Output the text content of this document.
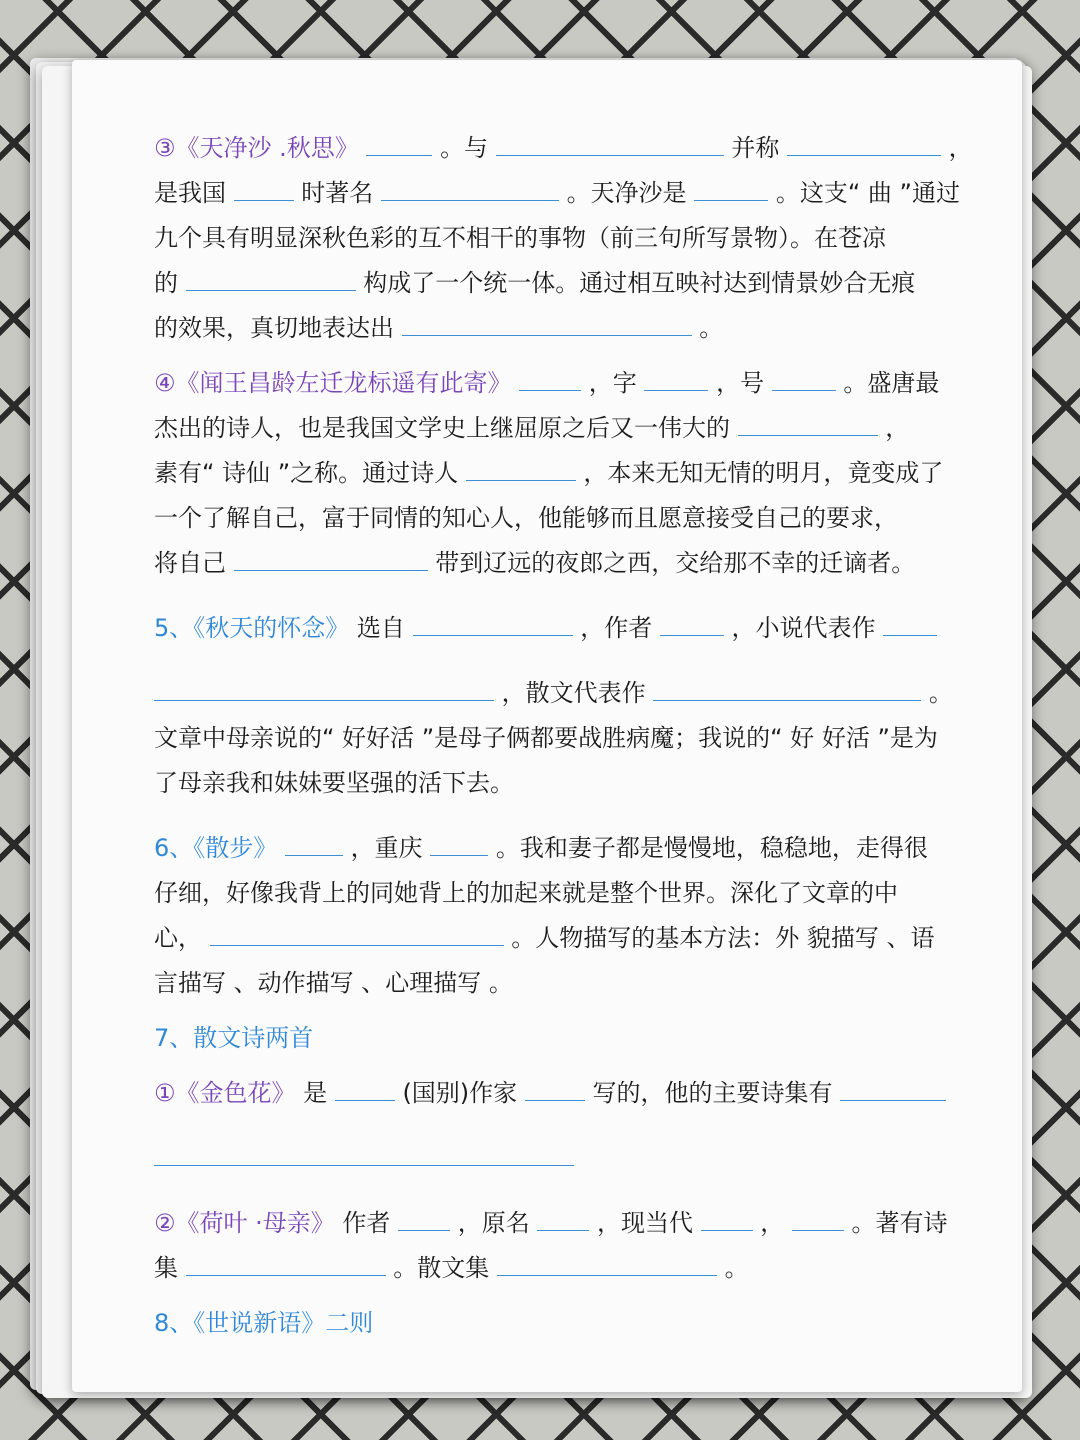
③《天净沙 .秋思》	。与	并称	，
是我国	时著名	。天净沙是	。这支“ 曲 ”通过
九个具有明显深秋色彩的互不相干的事物（前三句所写景物）。在苍凉
的	构成了一个统一体。通过相互映衬达到情景妙合无痕
的效果，真切地表达出	。
④《闻王昌龄左迁龙标遥有此寄》	，字	，号	。盛唐最
杰出的诗人，也是我国文学史上继屈原之后又一伟大的	，
素有“ 诗仙 ”之称。通过诗人	，本来无知无情的明月，竟变成了
一个了解自己，富于同情的知心人，他能够而且愿意接受自己的要求，
将自己	带到辽远的夜郎之西，交给那不幸的迁谪者。
5、《秋天的怀念》 选自	，作者	，小说代表作
，散文代表作	。
文章中母亲说的“ 好好活 ”是母子俩都要战胜病魔；我说的“ 好 好活 ”是为
了母亲我和妹妹要坚强的活下去。
6、《散步》	，重庆	。我和妻子都是慢慢地，稳稳地，走得很
仔细，好像我背上的同她背上的加起来就是整个世界。深化了文章的中
心，	。人物描写的基本方法：外 貌描写 、语
言描写 、动作描写 、心理描写 。
7、散文诗两首
①《金色花》 是	(国别)作家	写的，他的主要诗集有
②《荷叶 ·母亲》 作者	，原名	，现当代	，	。著有诗
集	。散文集	。
8、《世说新语》二则
